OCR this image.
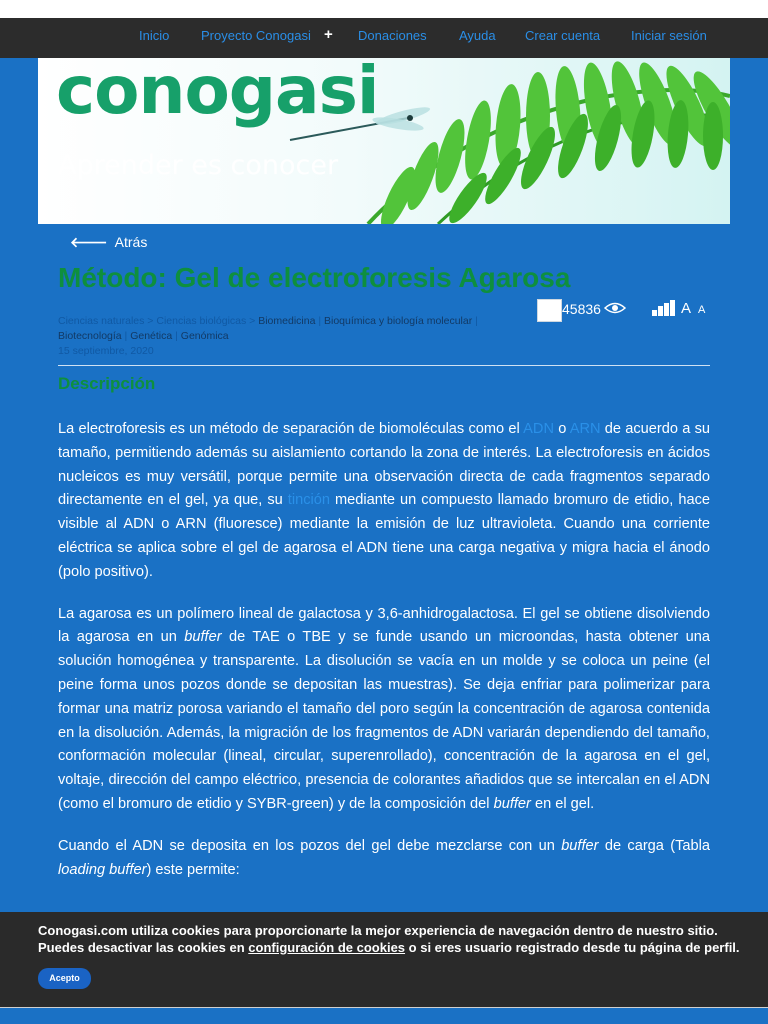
Inicio Proyecto Conogasi + Donaciones Ayuda Crear cuenta Iniciar sesión
conogasi
Aprender es conocer
🡐 Atrás
Método: Gel de electroforesis Agarosa
Ciencias naturales > Ciencias biológicas > Biomedicina | Bioquímica y biología molecular |
Biotecnología | Genética | Genómica
15 septiembre, 2020
45836	A A
Descripción

La electroforesis es un método de separación de biomoléculas como el ADN o ARN de acuerdo a su tamaño, permitiendo además su aislamiento cortando la zona de interés. La electroforesis en ácidos nucleicos es muy versátil, porque permite una observación directa de cada fragmentos separado directamente en el gel, ya que, su tinción mediante un compuesto llamado bromuro de etidio, hace visible al ADN o ARN (fluoresce) mediante la emisión de luz ultravioleta. Cuando una corriente eléctrica se aplica sobre el gel de agarosa el ADN tiene una carga negativa y migra hacia el ánodo (polo positivo).

La agarosa es un polímero lineal de galactosa y 3,6-anhidrogalactosa. El gel se obtiene disolviendo la agarosa en un buffer de TAE o TBE y se funde usando un microondas, hasta obtener una solución homogénea y transparente. La disolución se vacía en un molde y se coloca un peine (el peine forma unos pozos donde se depositan las muestras). Se deja enfriar para polimerizar para formar una matriz porosa variando el tamaño del poro según la concentración de agarosa contenida en la disolución. Además, la migración de los fragmentos de ADN variarán dependiendo del tamaño, conformación molecular (lineal, circular, superenrollado), concentración de la agarosa en el gel, voltaje, dirección del campo eléctrico, presencia de colorantes añadidos que se intercalan en el ADN (como el bromuro de etidio y SYBR-green) y de la composición del buffer en el gel.

Cuando el ADN se deposita en los pozos del gel debe mezclarse con un buffer de carga (Tabla loading buffer) este permite:

Conogasi.com utiliza cookies para proporcionarte la mejor experiencia de navegación dentro de nuestro sitio.
Puedes desactivar las cookies en configuración de cookies o si eres usuario registrado desde tu página de perfil.
Acepto
